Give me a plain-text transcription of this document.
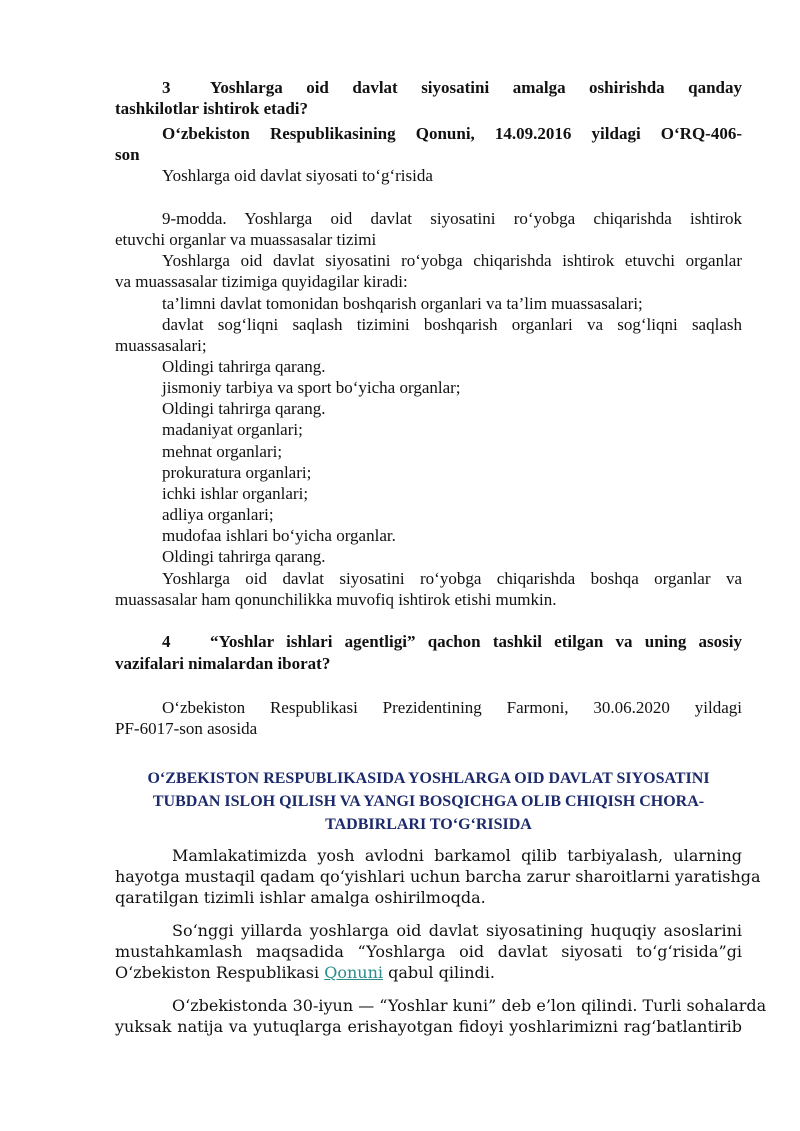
3 Yoshlarga oid davlat siyosatini amalga oshirishda qanday
tashkilotlar ishtirok etadi?
O‘zbekiston Respublikasining Qonuni, 14.09.2016 yildagi O‘RQ-406-
son
Yoshlarga oid davlat siyosati to‘g‘risida
9-modda. Yoshlarga oid davlat siyosatini ro‘yobga chiqarishda ishtirok
etuvchi organlar va muassasalar tizimi
Yoshlarga oid davlat siyosatini ro‘yobga chiqarishda ishtirok etuvchi organlar
va muassasalar tizimiga quyidagilar kiradi:
ta’limni davlat tomonidan boshqarish organlari va ta’lim muassasalari;
davlat sog‘liqni saqlash tizimini boshqarish organlari va sog‘liqni saqlash
muassasalari;
Oldingi tahrirga qarang.
jismoniy tarbiya va sport bo‘yicha organlar;
Oldingi tahrirga qarang.
madaniyat organlari;
mehnat organlari;
prokuratura organlari;
ichki ishlar organlari;
adliya organlari;
mudofaa ishlari bo‘yicha organlar.
Oldingi tahrirga qarang.
Yoshlarga oid davlat siyosatini ro‘yobga chiqarishda boshqa organlar va
muassasalar ham qonunchilikka muvofiq ishtirok etishi mumkin.
4 “Yoshlar ishlari agentligi” qachon tashkil etilgan va uning asosiy
vazifalari nimalardan iborat?
O‘zbekiston Respublikasi Prezidentining Farmoni, 30.06.2020 yildagi
PF-6017-son asosida
O‘ZBEKISTON RESPUBLIKASIDA YOSHLARGA OID DAVLAT SIYOSATINI
TUBDAN ISLOH QILISH VA YANGI BOSQICHGA OLIB CHIQISH CHORA-
TADBIRLARI TO‘G‘RISIDA
Mamlakatimizda yosh avlodni barkamol qilib tarbiyalash, ularning
hayotga mustaqil qadam qo‘yishlari uchun barcha zarur sharoitlarni yaratishga
qaratilgan tizimli ishlar amalga oshirilmoqda.
So‘nggi yillarda yoshlarga oid davlat siyosatining huquqiy asoslarini
mustahkamlash maqsadida “Yoshlarga oid davlat siyosati to‘g‘risida”gi
O‘zbekiston Respublikasi Qonuni qabul qilindi.
O‘zbekistonda 30-iyun — “Yoshlar kuni” deb e’lon qilindi. Turli sohalarda
yuksak natija va yutuqlarga erishayotgan fidoyi yoshlarimizni rag‘batlantirib
